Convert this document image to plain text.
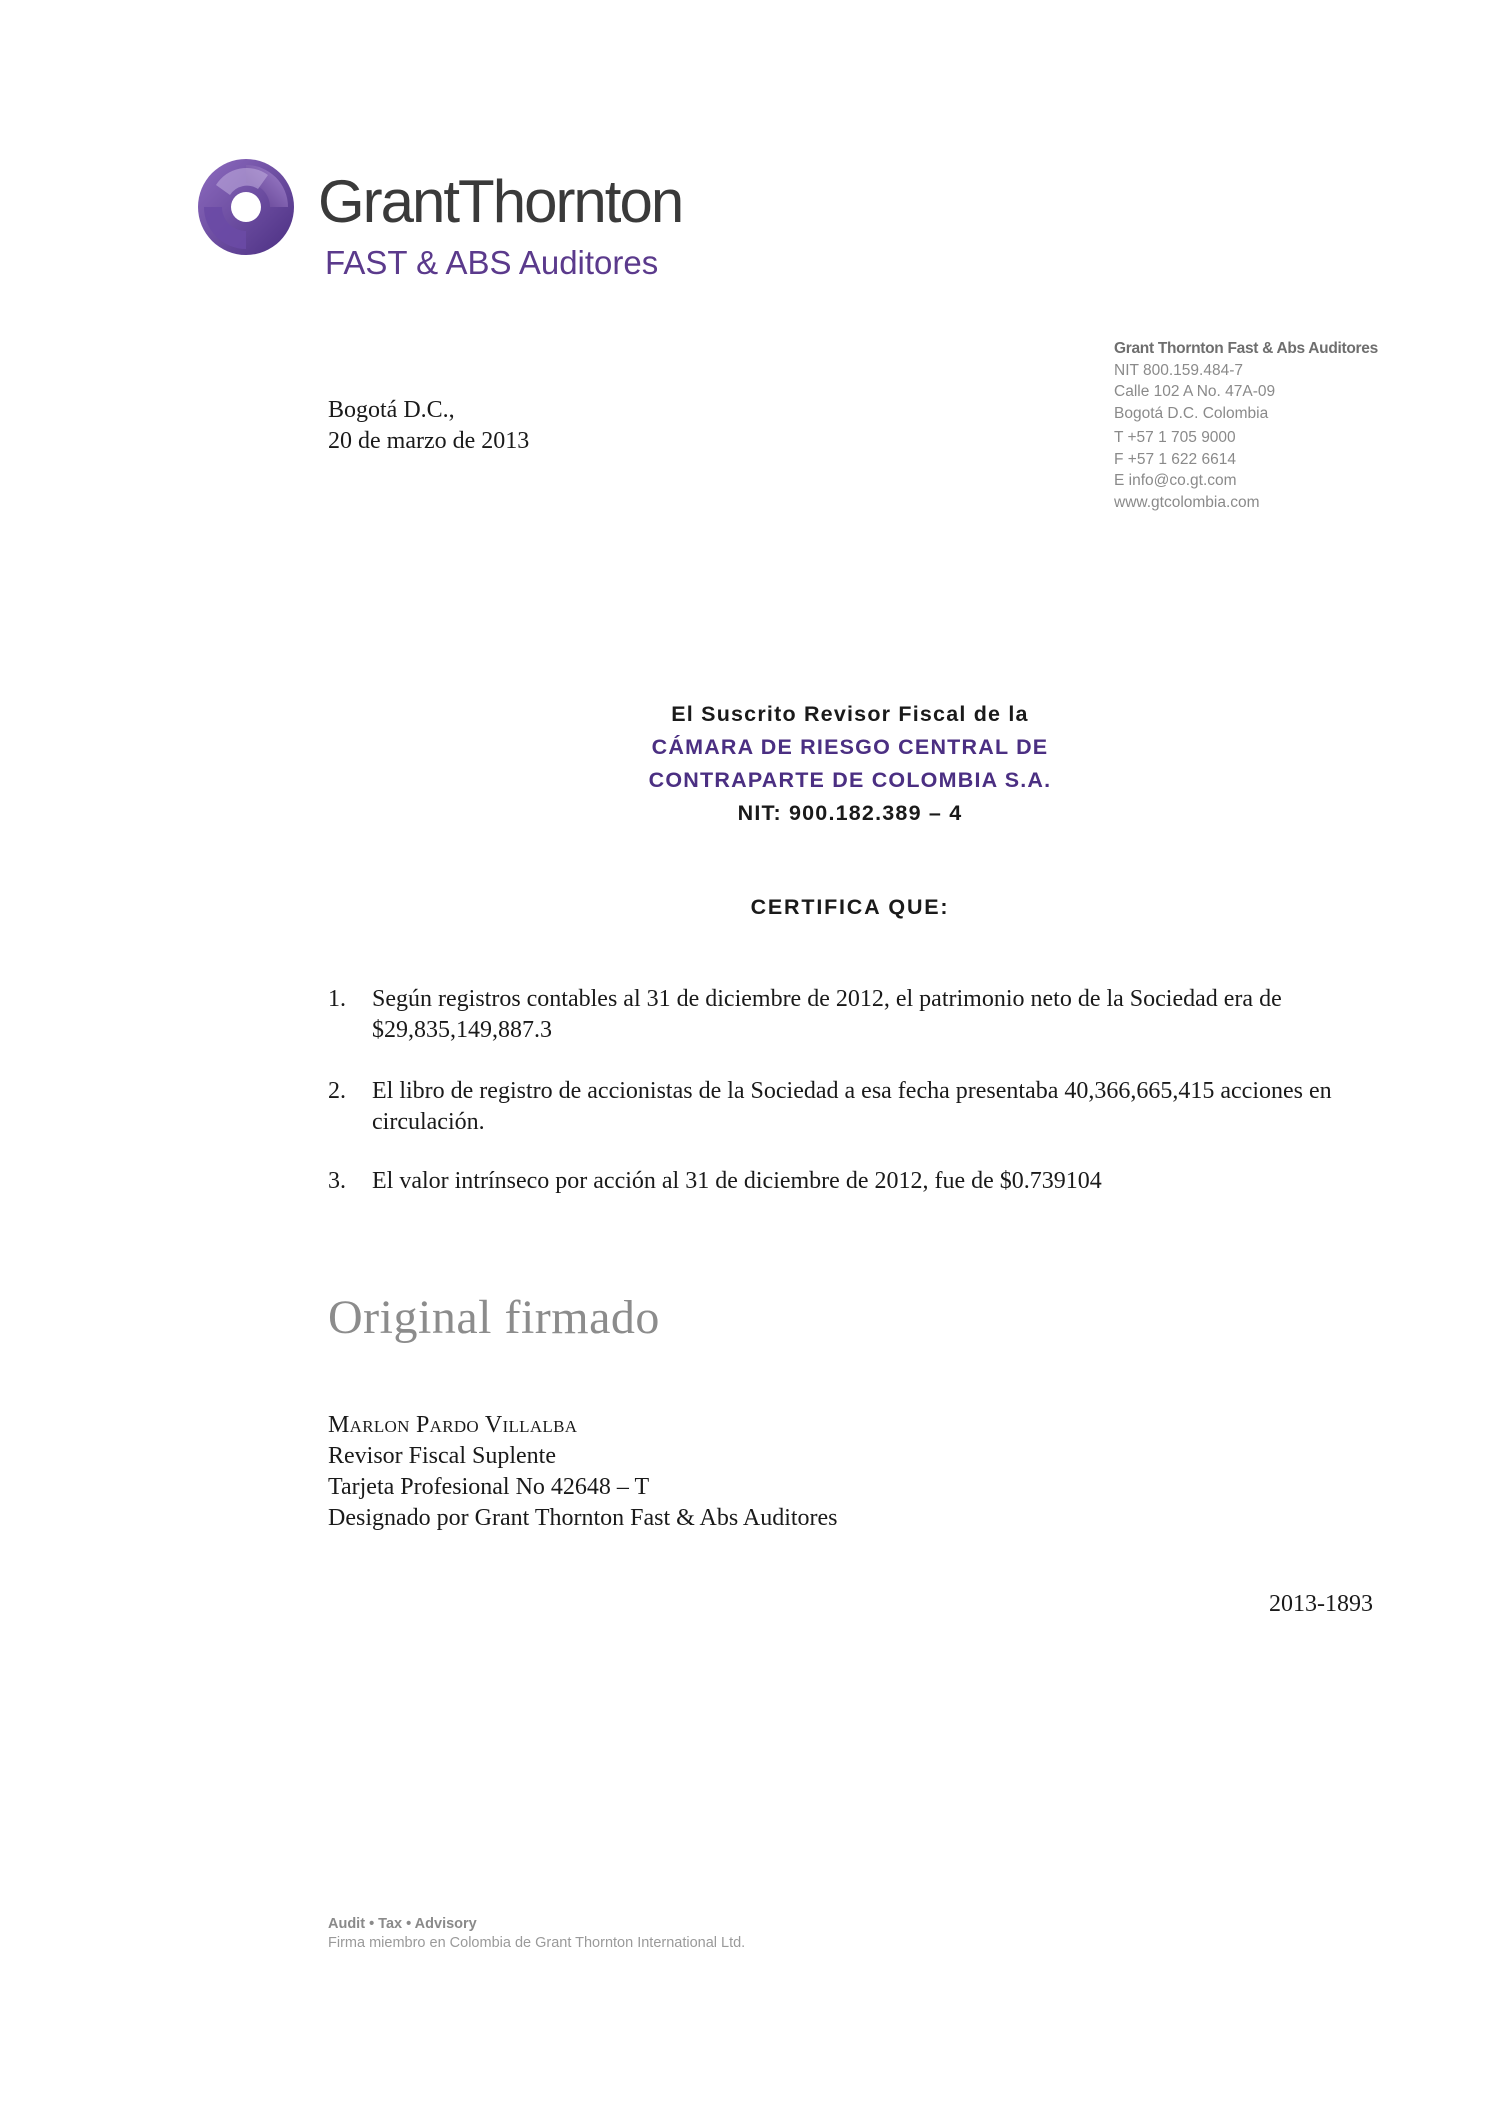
GrantThornton
FAST & ABS Auditores
Grant Thornton Fast & Abs Auditores
NIT 800.159.484-7
Calle 102 A No. 47A-09
Bogotá D.C. Colombia
T +57 1 705 9000
F +57 1 622 6614
E info@co.gt.com
www.gtcolombia.com
Bogotá D.C.,
20 de marzo de 2013
El Suscrito Revisor Fiscal de la
CÁMARA DE RIESGO CENTRAL DE
CONTRAPARTE DE COLOMBIA S.A.
NIT: 900.182.389 – 4
CERTIFICA QUE:
1. Según registros contables al 31 de diciembre de 2012, el patrimonio neto de la Sociedad era de $29,835,149,887.3
2. El libro de registro de accionistas de la Sociedad a esa fecha presentaba 40,366,665,415 acciones en circulación.
3. El valor intrínseco por acción al 31 de diciembre de 2012, fue de $0.739104
Original firmado
Marlon Pardo Villalba
Revisor Fiscal Suplente
Tarjeta Profesional No 42648 – T
Designado por Grant Thornton Fast & Abs Auditores
2013-1893
Audit • Tax • Advisory
Firma miembro en Colombia de Grant Thornton International Ltd.
